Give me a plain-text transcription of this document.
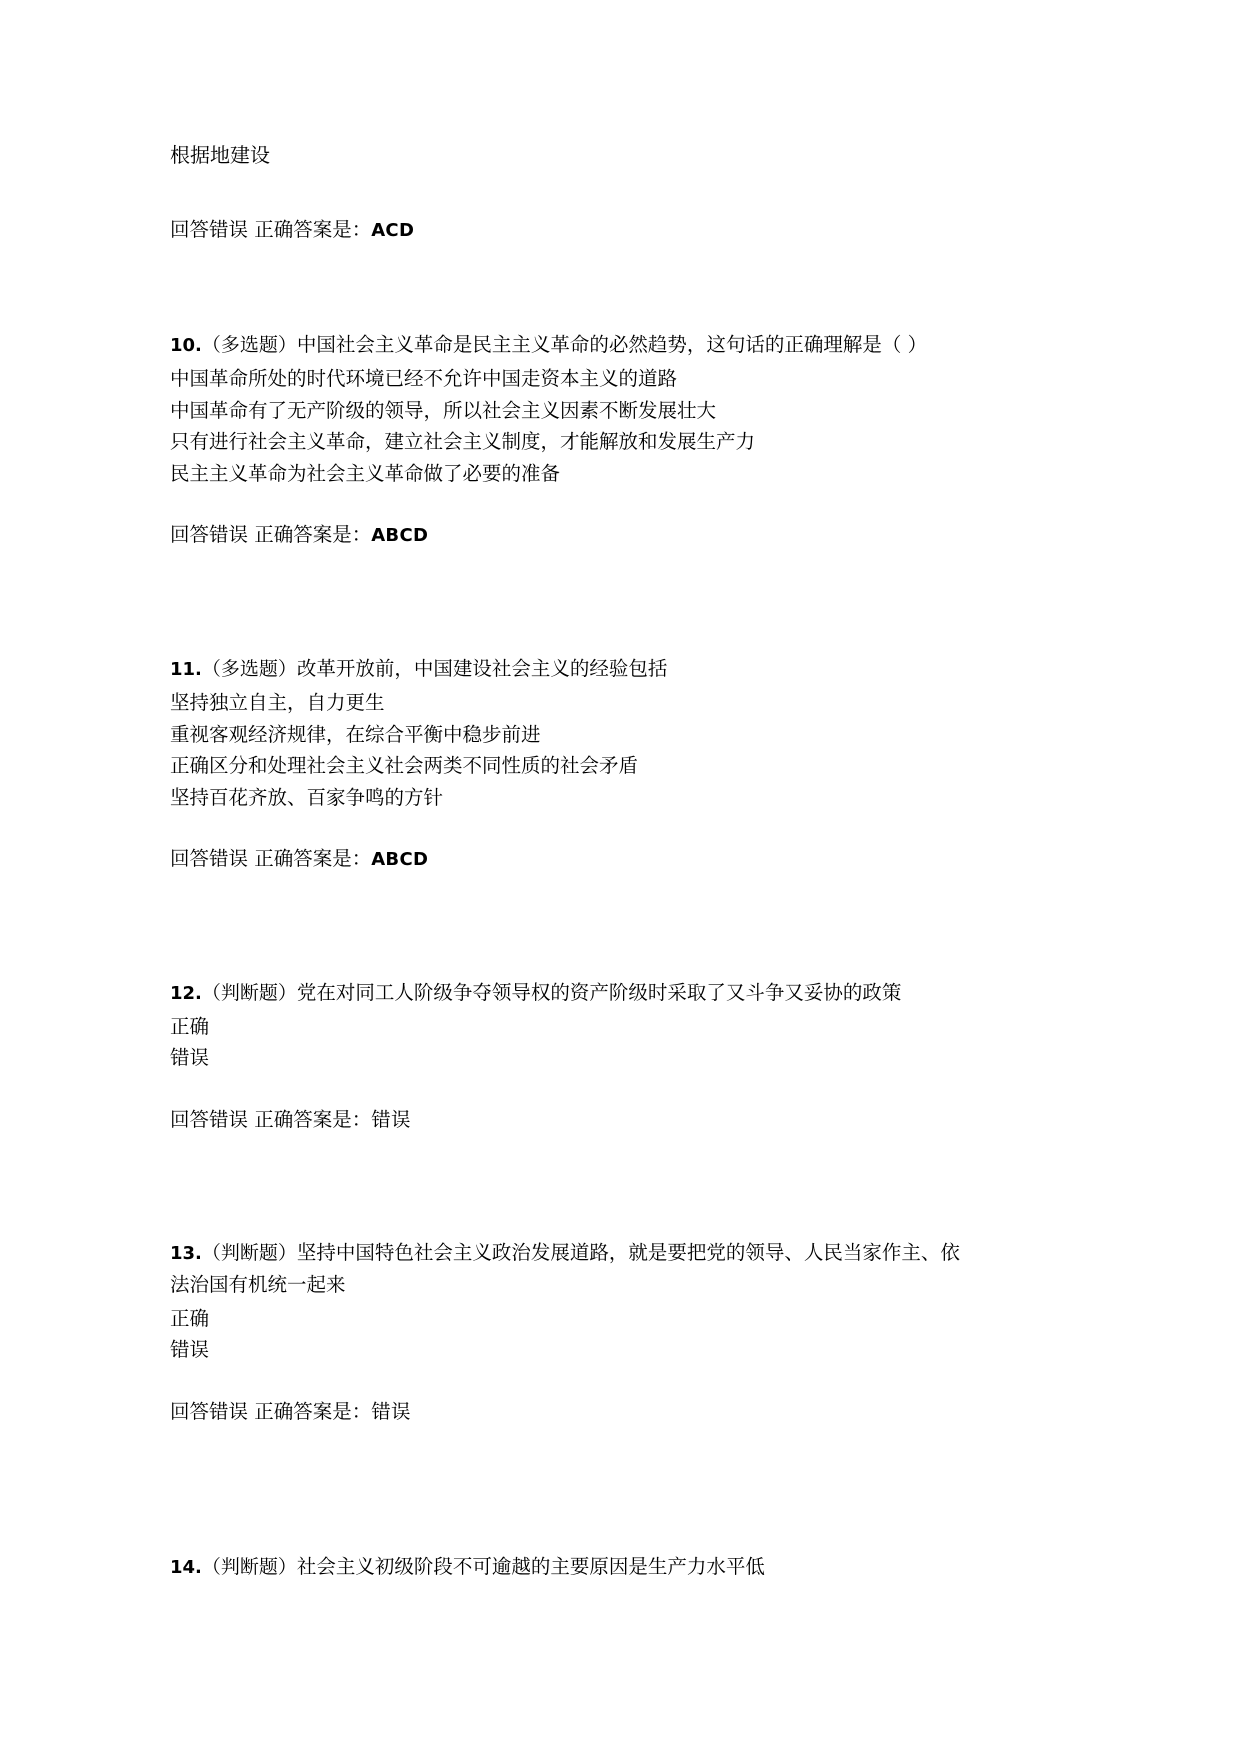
根据地建设

回答错误 正确答案是：ACD

10.（多选题）中国社会主义革命是民主主义革命的必然趋势，这句话的正确理解是（ ）

中国革命所处的时代环境已经不允许中国走资本主义的道路

中国革命有了无产阶级的领导，所以社会主义因素不断发展壮大

只有进行社会主义革命，建立社会主义制度，才能解放和发展生产力

民主主义革命为社会主义革命做了必要的准备

回答错误 正确答案是：ABCD

11.（多选题）改革开放前，中国建设社会主义的经验包括

坚持独立自主，自力更生

重视客观经济规律，在综合平衡中稳步前进

正确区分和处理社会主义社会两类不同性质的社会矛盾

坚持百花齐放、百家争鸣的方针

回答错误 正确答案是：ABCD

12.（判断题）党在对同工人阶级争夺领导权的资产阶级时采取了又斗争又妥协的政策

正确

错误

回答错误 正确答案是：错误

13.（判断题）坚持中国特色社会主义政治发展道路，就是要把党的领导、人民当家作主、依法治国有机统一起来

正确

错误

回答错误 正确答案是：错误

14.（判断题）社会主义初级阶段不可逾越的主要原因是生产力水平低
